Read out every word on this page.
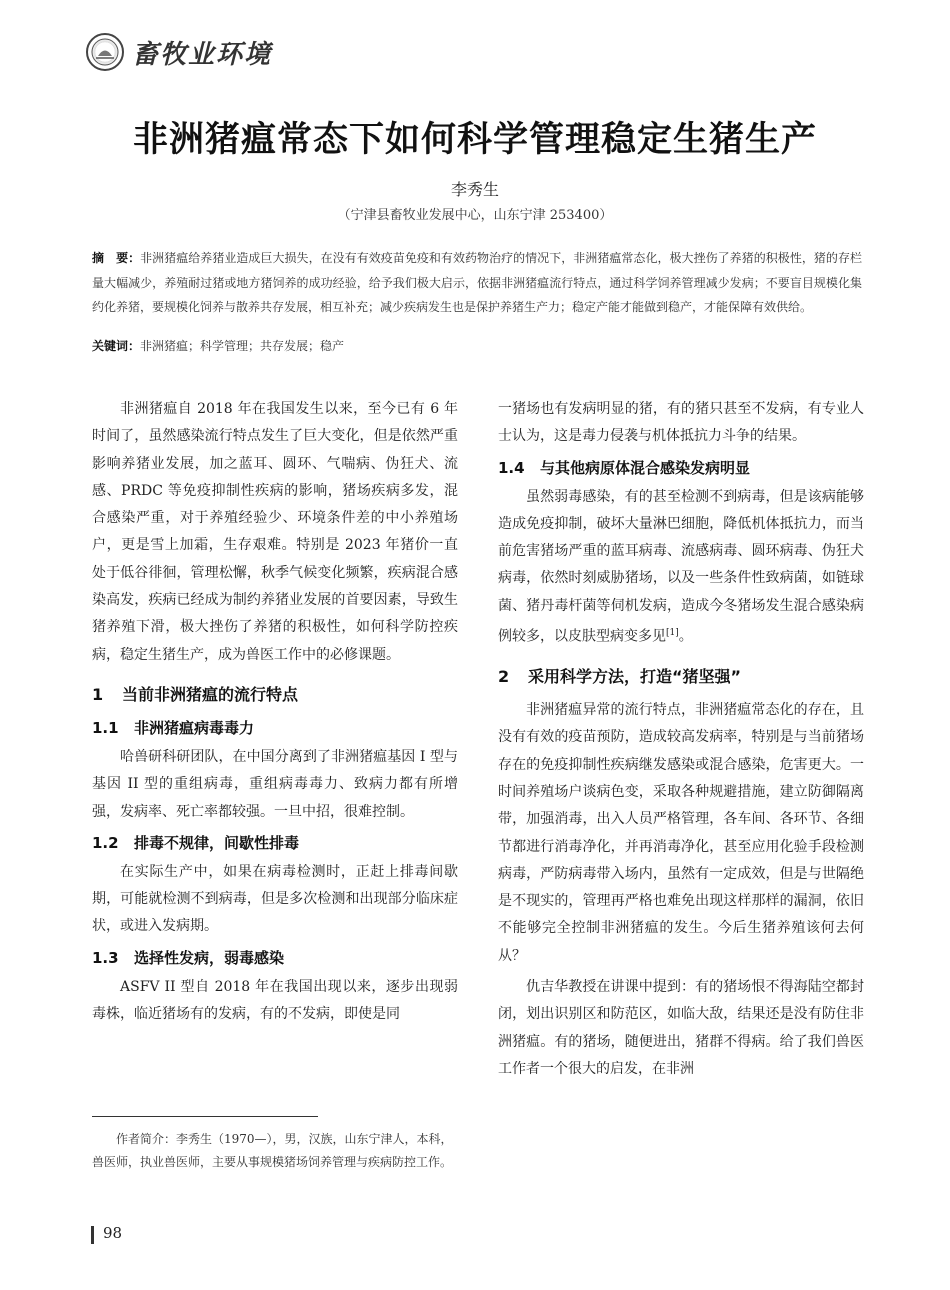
畜牧业环境
非洲猪瘟常态下如何科学管理稳定生猪生产
李秀生
（宁津县畜牧业发展中心，山东宁津 253400）
摘　要：非洲猪瘟给养猪业造成巨大损失，在没有有效疫苗免疫和有效药物治疗的情况下，非洲猪瘟常态化，极大挫伤了养猪的积极性，猪的存栏量大幅减少，养殖耐过猪或地方猪饲养的成功经验，给予我们极大启示，依据非洲猪瘟流行特点，通过科学饲养管理减少发病；不要盲目规模化集约化养猪，要规模化饲养与散养共存发展，相互补充；减少疾病发生也是保护养猪生产力；稳定产能才能做到稳产，才能保障有效供给。
关键词：非洲猪瘟；科学管理；共存发展；稳产

非洲猪瘟自 2018 年在我国发生以来，至今已有 6 年时间了，虽然感染流行特点发生了巨大变化，但是依然严重影响养猪业发展，加之蓝耳、圆环、气喘病、伪狂犬、流感、PRDC 等免疫抑制性疾病的影响，猪场疾病多发，混合感染严重，对于养殖经验少、环境条件差的中小养殖场户，更是雪上加霜，生存艰难。特别是 2023 年猪价一直处于低谷徘徊，管理松懈，秋季气候变化频繁，疾病混合感染高发，疾病已经成为制约养猪业发展的首要因素，导致生猪养殖下滑，极大挫伤了养猪的积极性，如何科学防控疾病，稳定生猪生产，成为兽医工作中的必修课题。

1 当前非洲猪瘟的流行特点
1.1 非洲猪瘟病毒毒力

哈兽研科研团队，在中国分离到了非洲猪瘟基因 I 型与基因 II 型的重组病毒，重组病毒毒力、致病力都有所增强，发病率、死亡率都较强。一旦中招，很难控制。

1.2 排毒不规律，间歇性排毒

在实际生产中，如果在病毒检测时，正赶上排毒间歇期，可能就检测不到病毒，但是多次检测和出现部分临床症状，或进入发病期。

1.3 选择性发病，弱毒感染

ASFV II 型自 2018 年在我国出现以来，逐步出现弱毒株，临近猪场有的发病，有的不发病，即使是同

一猪场也有发病明显的猪，有的猪只甚至不发病，有专业人士认为，这是毒力侵袭与机体抵抗力斗争的结果。

1.4 与其他病原体混合感染发病明显

虽然弱毒感染，有的甚至检测不到病毒，但是该病能够造成免疫抑制，破坏大量淋巴细胞，降低机体抵抗力，而当前危害猪场严重的蓝耳病毒、流感病毒、圆环病毒、伪狂犬病毒，依然时刻威胁猪场，以及一些条件性致病菌，如链球菌、猪丹毒杆菌等伺机发病，造成今冬猪场发生混合感染病例较多，以皮肤型病变多见[1]。

2 采用科学方法，打造“猪坚强”

非洲猪瘟异常的流行特点，非洲猪瘟常态化的存在，且没有有效的疫苗预防，造成较高发病率，特别是与当前猪场存在的免疫抑制性疾病继发感染或混合感染，危害更大。一时间养殖场户谈病色变，采取各种规避措施，建立防御隔离带，加强消毒，出入人员严格管理，各车间、各环节、各细节都进行消毒净化，并再消毒净化，甚至应用化验手段检测病毒，严防病毒带入场内，虽然有一定成效，但是与世隔绝是不现实的，管理再严格也难免出现这样那样的漏洞，依旧不能够完全控制非洲猪瘟的发生。今后生猪养殖该何去何从？

仇吉华教授在讲课中提到：有的猪场恨不得海陆空都封闭，划出识别区和防范区，如临大敌，结果还是没有防住非洲猪瘟。有的猪场，随便进出，猪群不得病。给了我们兽医工作者一个很大的启发，在非洲

作者简介：李秀生（1970—），男，汉族，山东宁津人，本科，兽医师，执业兽医师，主要从事规模猪场饲养管理与疾病防控工作。
98
